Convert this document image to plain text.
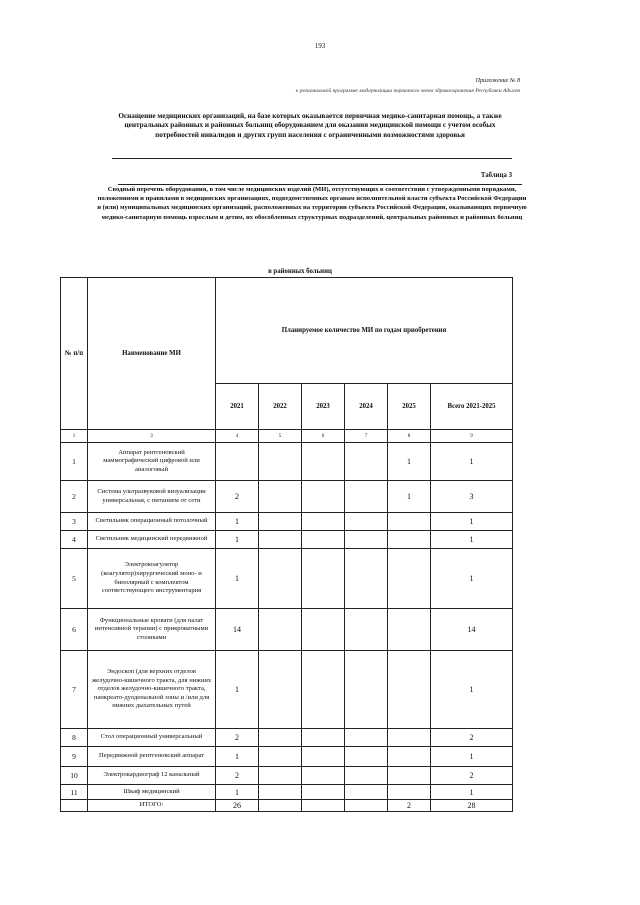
193
Приложение № 8
к региональной программе модернизации первичного звена здравоохранения Республики Адыгея
Оснащение медицинских организаций, на базе которых оказывается первичная медико-санитарная помощь, а также центральных районных и районных больниц оборудованием для оказания медицинской помощи с учетом особых потребностей инвалидов и других групп населения с ограниченными возможностями здоровья
Таблица 3
Сводный перечень оборудования, в том числе медицинских изделий (МИ), отсутствующих в соответствии с утвержденными порядками, положениями и правилами в медицинских организациях, подведомственных органам исполнительной власти субъекта Российской Федерации и (или) муниципальных медицинских организаций, расположенных на территории субъекта Российской Федерации, оказывающих первичную медико-санитарную помощь взрослым и детям, их обособленных структурных подразделений, центральных районных и районных больниц
в районных больниц
№ п/п	Наименование МИ	Планируемое количество МИ по годам приобретения					
		2021	2022	2023	2024	2025	Всего 2021-2025
1	3	4	5	6	7	8	9
1	Аппарат рентгеновский маммографический цифровой или аналоговый					1	1
2	Система ультразвуковой визуализации универсальная, с питанием от сети	2				1	3
3	Светильник операционный потолочный	1					1
4	Светильник медицинский передвижной	1					1
5	Электрокоагулятор (коагулятор)хирургический моно- и биполярный с комплектом соответствующего инструментария	1					1
6	Функциональные кровати (для палат интенсивной терапии) с прикроватными столиками	14					14
7	Эндоскоп (для верхних отделов желудочно-кишечного тракта, для нижних отделов желудочно-кишечного тракта, панкреато-дуоденальной зоны и /или для нижних дыхательных путей	1					1
8	Стол операционный универсальный	2					2
9	Передвижной рентгеновский аппарат	1					1
10	Электрокардиограф 12 канальный	2					2
11	Шкаф медицинский	1					1
	ИТОГО:	26				2	28
